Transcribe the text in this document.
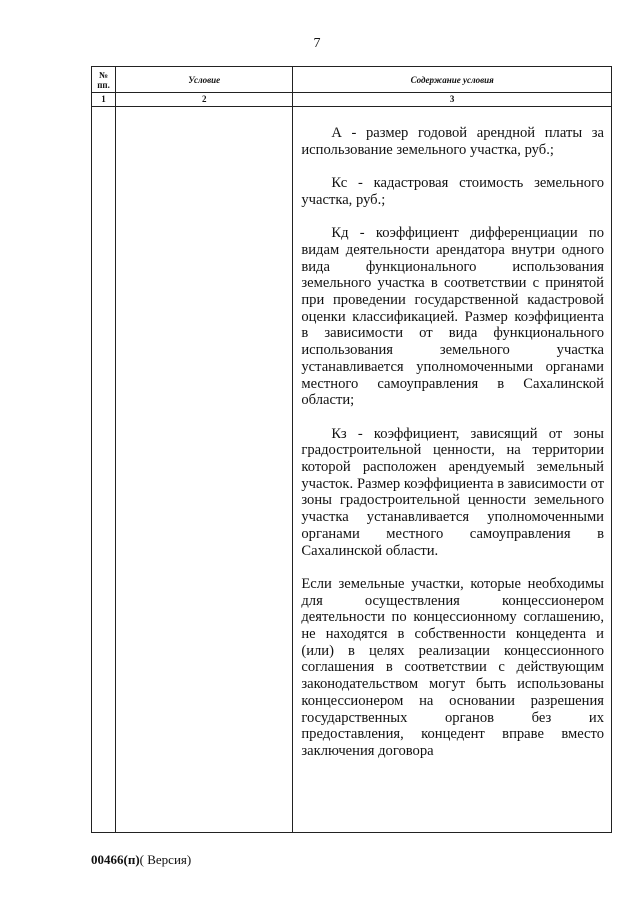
7
№
пп.	Условие	Содержание условия
1	2	3

		А - размер годовой арендной платы за использование земельного участка, руб.;

Кс - кадастровая стоимость земельного участка, руб.;

Кд - коэффициент дифференциации по видам деятельности арендатора внутри одного вида функционального использования земельного участка в соответствии с принятой при проведении государственной кадастровой оценки классификацией. Размер коэффициента в зависимости от вида функционального использования земельного участка устанавливается уполномоченными органами местного самоуправления в Сахалинской области;

Кз - коэффициент, зависящий от зоны градостроительной ценности, на территории которой расположен арендуемый земельный участок. Размер коэффициента в зависимости от зоны градостроительной ценности земельного участка устанавливается уполномоченными органами местного самоуправления в Сахалинской области.

Если земельные участки, которые необходимы для осуществления концессионером деятельности по концессионному соглашению, не находятся в собственности концедента и (или) в целях реализации концессионного соглашения в соответствии с действующим законодательством могут быть использованы концессионером на основании разрешения государственных органов без их предоставления, концедент вправе вместо заключения договора

00466(п)( Версия)
